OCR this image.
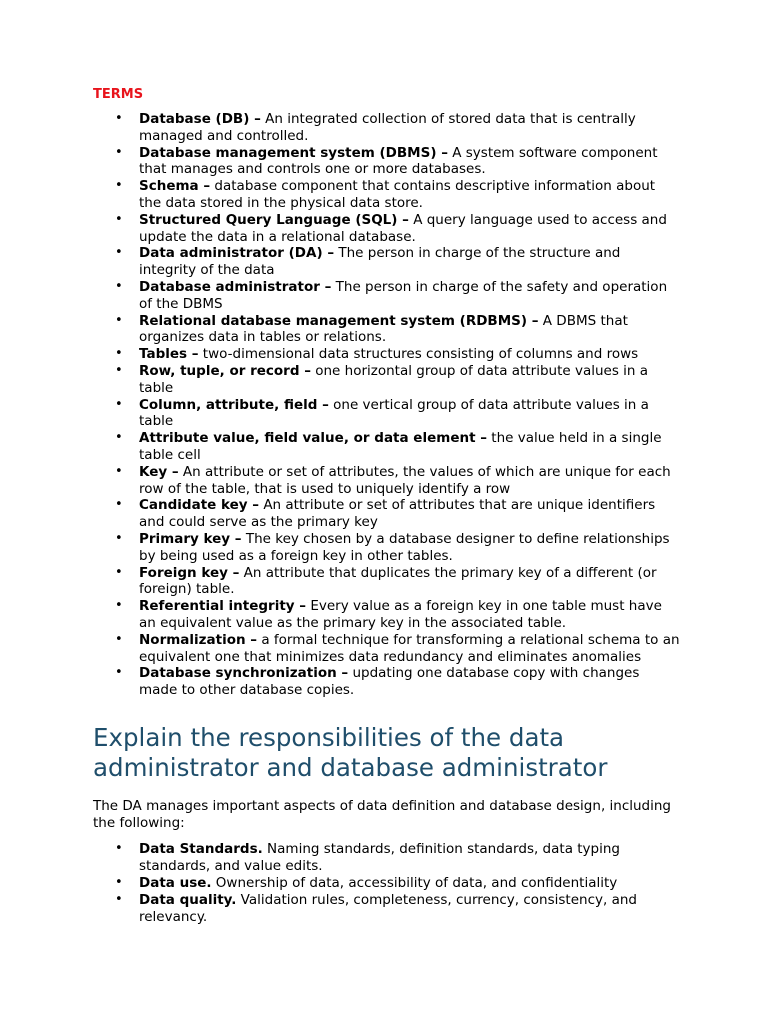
TERMS
• Database (DB) – An integrated collection of stored data that is centrally managed and controlled.
• Database management system (DBMS) – A system software component that manages and controls one or more databases.
• Schema – database component that contains descriptive information about the data stored in the physical data store.
• Structured Query Language (SQL) – A query language used to access and update the data in a relational database.
• Data administrator (DA) – The person in charge of the structure and integrity of the data
• Database administrator – The person in charge of the safety and operation of the DBMS
• Relational database management system (RDBMS) – A DBMS that organizes data in tables or relations.
• Tables – two-dimensional data structures consisting of columns and rows
• Row, tuple, or record – one horizontal group of data attribute values in a table
• Column, attribute, field – one vertical group of data attribute values in a table
• Attribute value, field value, or data element – the value held in a single table cell
• Key – An attribute or set of attributes, the values of which are unique for each row of the table, that is used to uniquely identify a row
• Candidate key – An attribute or set of attributes that are unique identifiers and could serve as the primary key
• Primary key – The key chosen by a database designer to define relationships by being used as a foreign key in other tables.
• Foreign key – An attribute that duplicates the primary key of a different (or foreign) table.
• Referential integrity – Every value as a foreign key in one table must have an equivalent value as the primary key in the associated table.
• Normalization – a formal technique for transforming a relational schema to an equivalent one that minimizes data redundancy and eliminates anomalies
• Database synchronization – updating one database copy with changes made to other database copies.
Explain the responsibilities of the data administrator and database administrator

The DA manages important aspects of data definition and database design, including the following:

• Data Standards. Naming standards, definition standards, data typing standards, and value edits.
• Data use. Ownership of data, accessibility of data, and confidentiality
• Data quality. Validation rules, completeness, currency, consistency, and relevancy.
